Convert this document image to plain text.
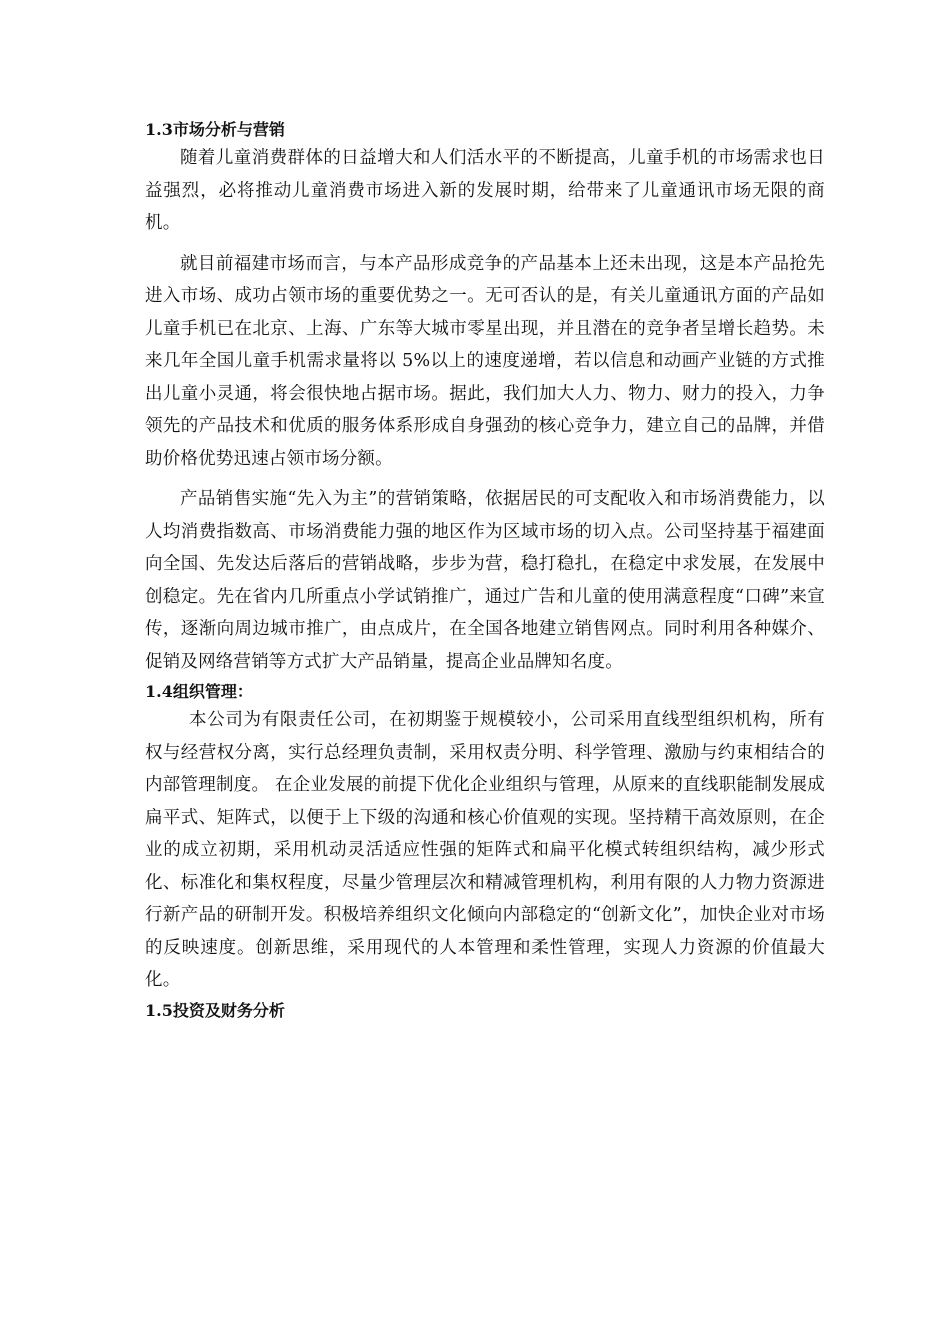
1.3市场分析与营销

随着儿童消费群体的日益增大和人们活水平的不断提高，儿童手机的市场需求也日益强烈，必将推动儿童消费市场进入新的发展时期，给带来了儿童通讯市场无限的商机。

就目前福建市场而言，与本产品形成竞争的产品基本上还未出现，这是本产品抢先进入市场、成功占领市场的重要优势之一。无可否认的是，有关儿童通讯方面的产品如儿童手机已在北京、上海、广东等大城市零星出现，并且潜在的竞争者呈增长趋势。未来几年全国儿童手机需求量将以 5%以上的速度递增，若以信息和动画产业链的方式推出儿童小灵通，将会很快地占据市场。据此，我们加大人力、物力、财力的投入，力争领先的产品技术和优质的服务体系形成自身强劲的核心竞争力，建立自己的品牌，并借助价格优势迅速占领市场分额。

产品销售实施“先入为主”的营销策略，依据居民的可支配收入和市场消费能力，以人均消费指数高、市场消费能力强的地区作为区域市场的切入点。公司坚持基于福建面向全国、先发达后落后的营销战略，步步为营，稳打稳扎，在稳定中求发展，在发展中创稳定。先在省内几所重点小学试销推广，通过广告和儿童的使用满意程度“口碑”来宣传，逐渐向周边城市推广，由点成片，在全国各地建立销售网点。同时利用各种媒介、促销及网络营销等方式扩大产品销量，提高企业品牌知名度。

1.4组织管理：

本公司为有限责任公司，在初期鉴于规模较小，公司采用直线型组织机构，所有权与经营权分离，实行总经理负责制，采用权责分明、科学管理、激励与约束相结合的内部管理制度。 在企业发展的前提下优化企业组织与管理，从原来的直线职能制发展成扁平式、矩阵式，以便于上下级的沟通和核心价值观的实现。坚持精干高效原则，在企业的成立初期，采用机动灵活适应性强的矩阵式和扁平化模式转组织结构，减少形式化、标准化和集权程度，尽量少管理层次和精减管理机构，利用有限的人力物力资源进行新产品的研制开发。积极培养组织文化倾向内部稳定的“创新文化”，加快企业对市场的反映速度。创新思维，采用现代的人本管理和柔性管理，实现人力资源的价值最大化。

1.5投资及财务分析
